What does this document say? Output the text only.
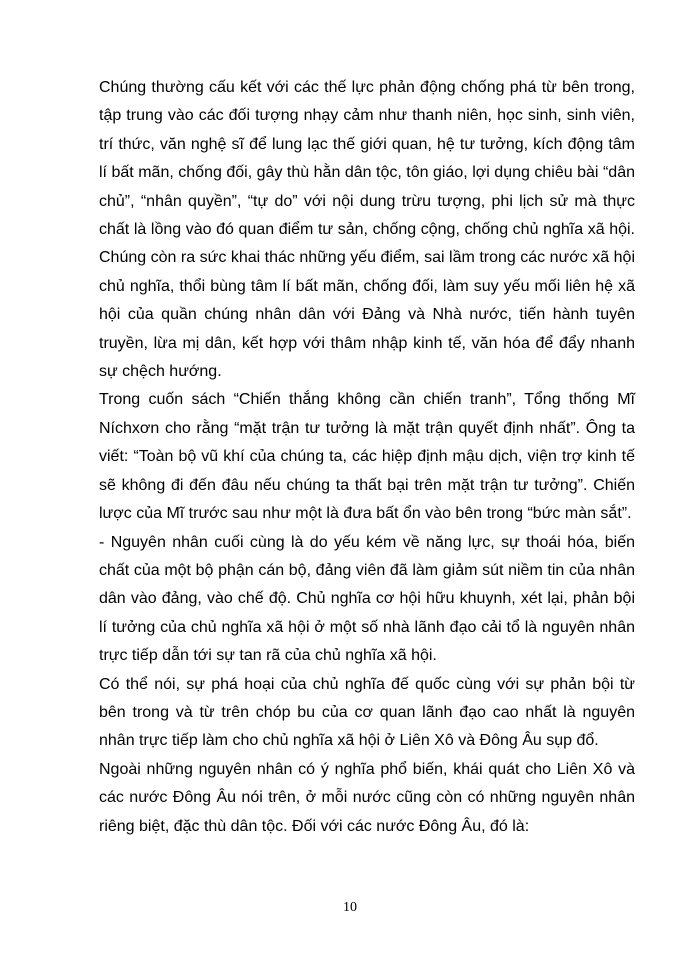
Chúng thường cấu kết với các thế lực phản động chống phá từ bên trong, tập trung vào các đối tượng nhạy cảm như thanh niên, học sinh, sinh viên, trí thức, văn nghệ sĩ để lung lạc thế giới quan, hệ tư tưởng, kích động tâm lí bất mãn, chống đối, gây thù hằn dân tộc, tôn giáo, lợi dụng chiêu bài “dân chủ”, “nhân quyền”, “tự do” với nội dung trừu tượng, phi lịch sử mà thực chất là lồng vào đó quan điểm tư sản, chống cộng, chống chủ nghĩa xã hội. Chúng còn ra sức khai thác những yếu điểm, sai lầm trong các nước xã hội chủ nghĩa, thổi bùng tâm lí bất mãn, chống đối, làm suy yếu mối liên hệ xã hội của quần chúng nhân dân với Đảng và Nhà nước, tiến hành tuyên truyền, lừa mị dân, kết hợp với thâm nhập kinh tế, văn hóa để đẩy nhanh sự chệch hướng.

Trong cuốn sách “Chiến thắng không cần chiến tranh”, Tổng thống Mĩ Níchxơn cho rằng “mặt trận tư tưởng là mặt trận quyết định nhất”. Ông ta viết: “Toàn bộ vũ khí của chúng ta, các hiệp định mậu dịch, viện trợ kinh tế sẽ không đi đến đâu nếu chúng ta thất bại trên mặt trận tư tưởng”. Chiến lược của Mĩ trước sau như một là đưa bất ổn vào bên trong “bức màn sắt”.

- Nguyên nhân cuối cùng là do yếu kém về năng lực, sự thoái hóa, biến chất của một bộ phận cán bộ, đảng viên đã làm giảm sút niềm tin của nhân dân vào đảng, vào chế độ. Chủ nghĩa cơ hội hữu khuynh, xét lại, phản bội lí tưởng của chủ nghĩa xã hội ở một số nhà lãnh đạo cải tổ là nguyên nhân trực tiếp dẫn tới sự tan rã của chủ nghĩa xã hội.

Có thể nói, sự phá hoại của chủ nghĩa đế quốc cùng với sự phản bội từ bên trong và từ trên chóp bu của cơ quan lãnh đạo cao nhất là nguyên nhân trực tiếp làm cho chủ nghĩa xã hội ở Liên Xô và Đông Âu sụp đổ.

Ngoài những nguyên nhân có ý nghĩa phổ biến, khái quát cho Liên Xô và các nước Đông Âu nói trên, ở mỗi nước cũng còn có những nguyên nhân riêng biệt, đặc thù dân tộc. Đối với các nước Đông Âu, đó là:

10
